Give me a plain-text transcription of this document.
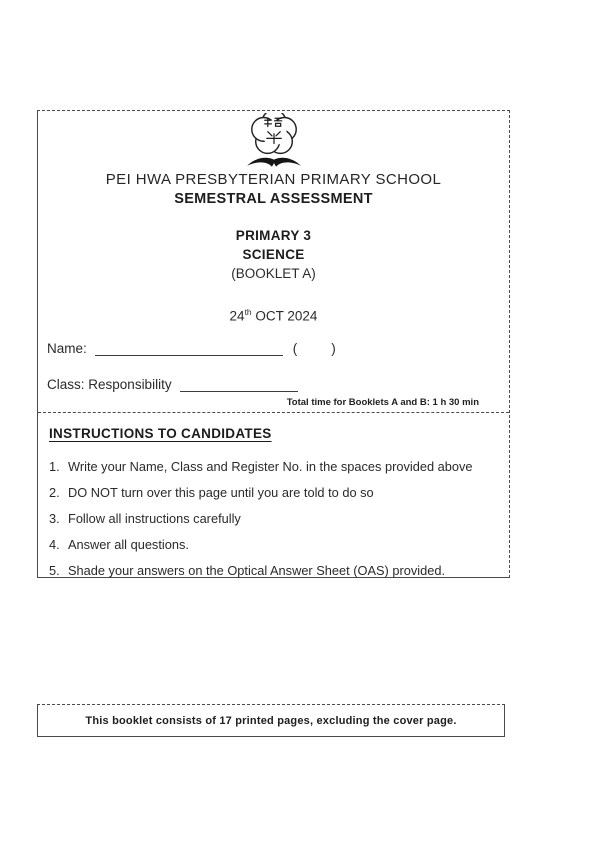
PEI HWA PRESBYTERIAN PRIMARY SCHOOL
SEMESTRAL ASSESSMENT
PRIMARY 3
SCIENCE
(BOOKLET A)
24th OCT 2024
Name:	(	)
Class: Responsibility
Total time for Booklets A and B: 1 h 30 min
INSTRUCTIONS TO CANDIDATES
1. Write your Name, Class and Register No. in the spaces provided above
2. DO NOT turn over this page until you are told to do so
3. Follow all instructions carefully
4. Answer all questions.
5. Shade your answers on the Optical Answer Sheet (OAS) provided.
This booklet consists of 17 printed pages, excluding the cover page.
